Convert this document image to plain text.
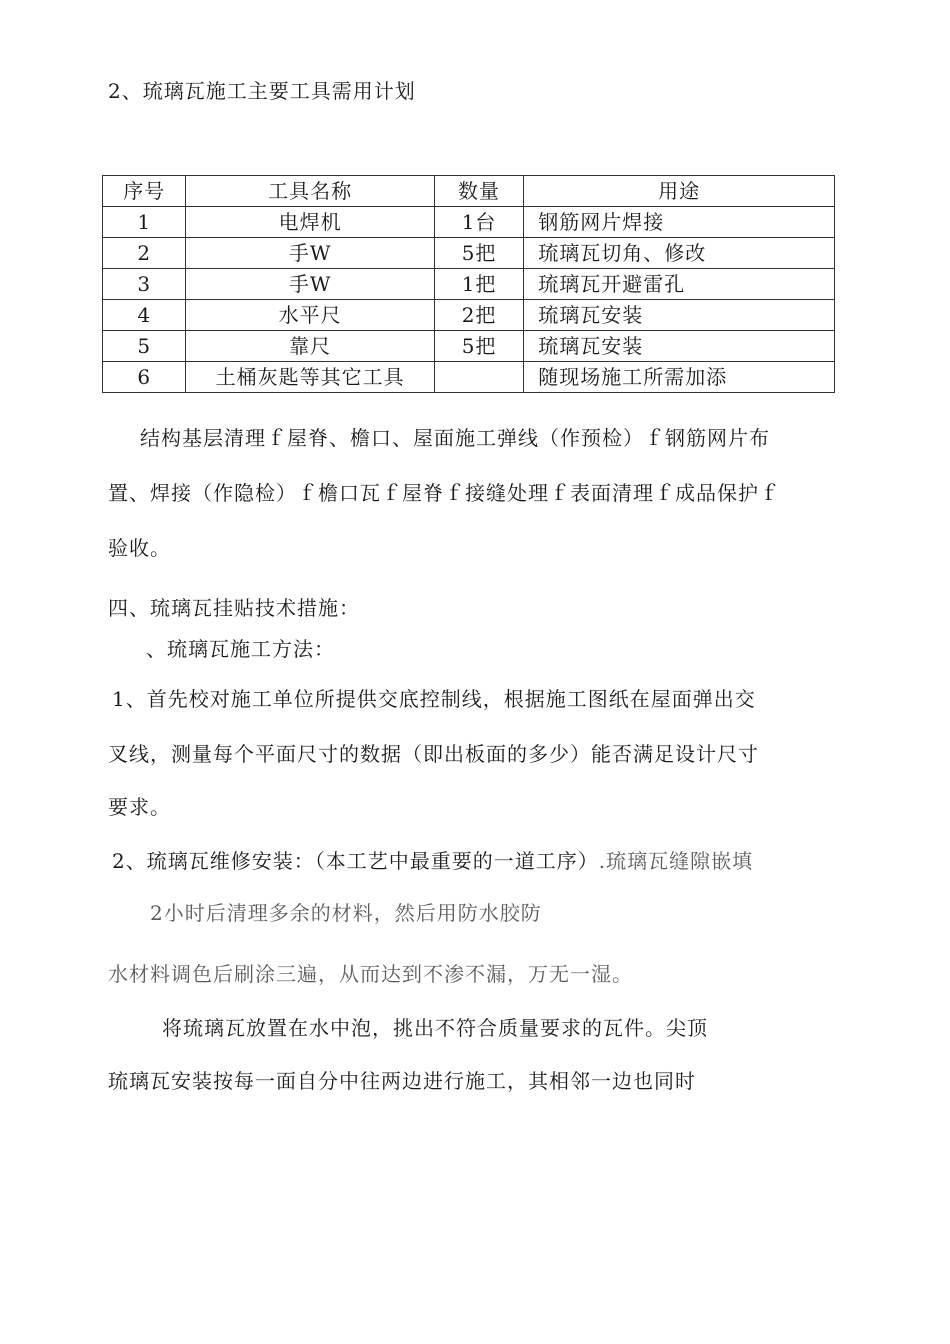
2、琉璃瓦施工主要工具需用计划
序号	工具名称	数量	用途
1	电焊机	1台	钢筋网片焊接
2	手W	5把	琉璃瓦切角、修改
3	手W	1把	琉璃瓦开避雷孔
4	水平尺	2把	琉璃瓦安装
5	靠尺	5把	琉璃瓦安装
6	土桶灰匙等其它工具		随现场施工所需加添
结构基层清理ｆ屋脊、檐口、屋面施工弹线（作预检）ｆ钢筋网片布
置、焊接（作隐检）ｆ檐口瓦ｆ屋脊ｆ接缝处理ｆ表面清理ｆ成品保护ｆ
验收。
四、琉璃瓦挂贴技术措施：
、琉璃瓦施工方法：
1、首先校对施工单位所提供交底控制线，根据施工图纸在屋面弹出交
叉线，测量每个平面尺寸的数据（即出板面的多少）能否满足设计尺寸
要求。
2、琉璃瓦维修安装：（本工艺中最重要的一道工序）.琉璃瓦缝隙嵌填
2小时后清理多余的材料，然后用防水胶防
水材料调色后刷涂三遍，从而达到不渗不漏，万无一湿。
将琉璃瓦放置在水中泡，挑出不符合质量要求的瓦件。尖顶
琉璃瓦安装按每一面自分中往两边进行施工，其相邻一边也同时
